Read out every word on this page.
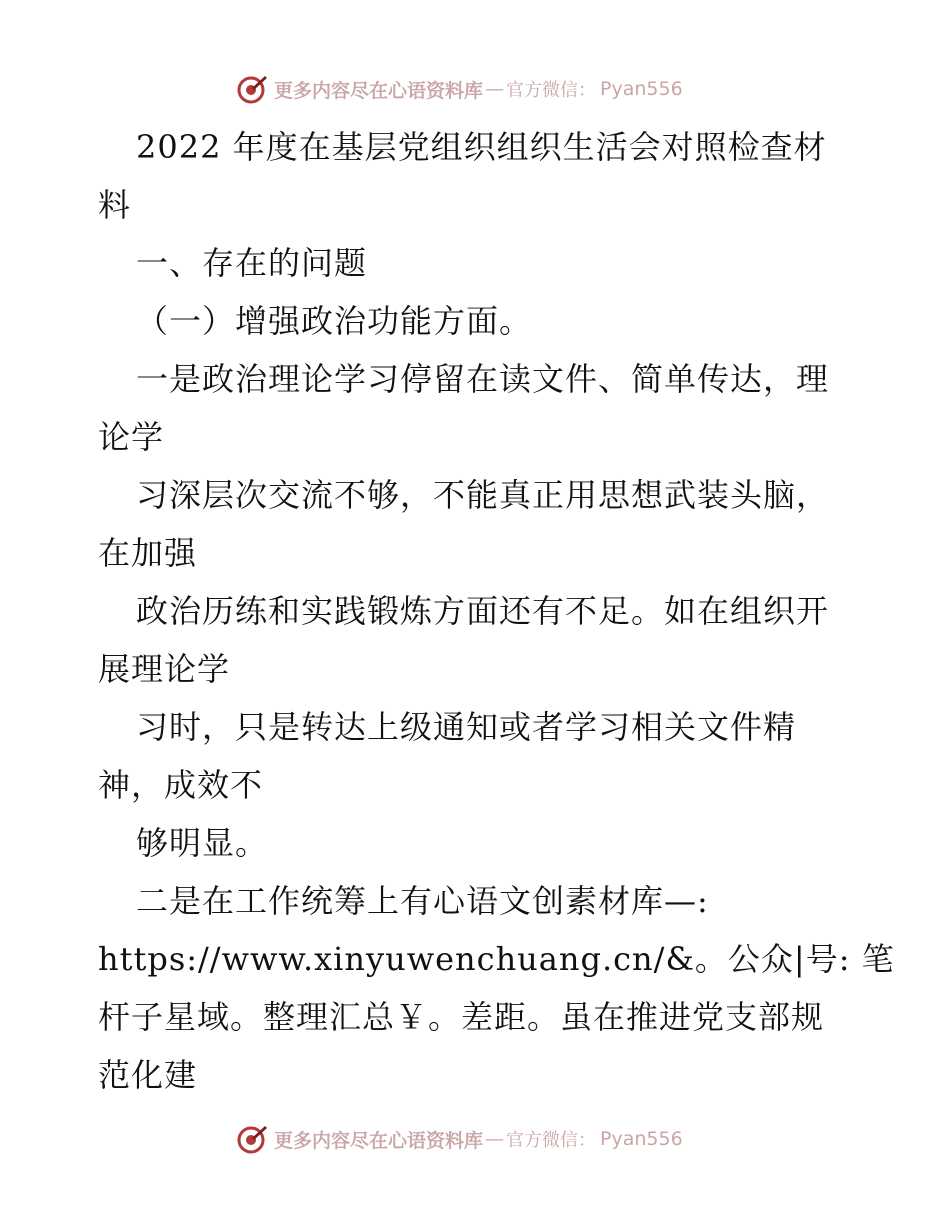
更多内容尽在心语资料库 — 官方微信： Pyan556
2022 年度在基层党组织组织生活会对照检查材
料
一、存在的问题
（一）增强政治功能方面。
一是政治理论学习停留在读文件、简单传达，理
论学
习深层次交流不够，不能真正用思想武装头脑，
在加强
政治历练和实践锻炼方面还有不足。如在组织开
展理论学
习时，只是转达上级通知或者学习相关文件精
神，成效不
够明显。
二是在工作统筹上有心语文创素材库—:
https://www.xinyuwenchuang.cn/&。公众|号: 笔
杆子星域。整理汇总￥。差距。虽在推进党支部规
范化建
更多内容尽在心语资料库 — 官方微信： Pyan556
